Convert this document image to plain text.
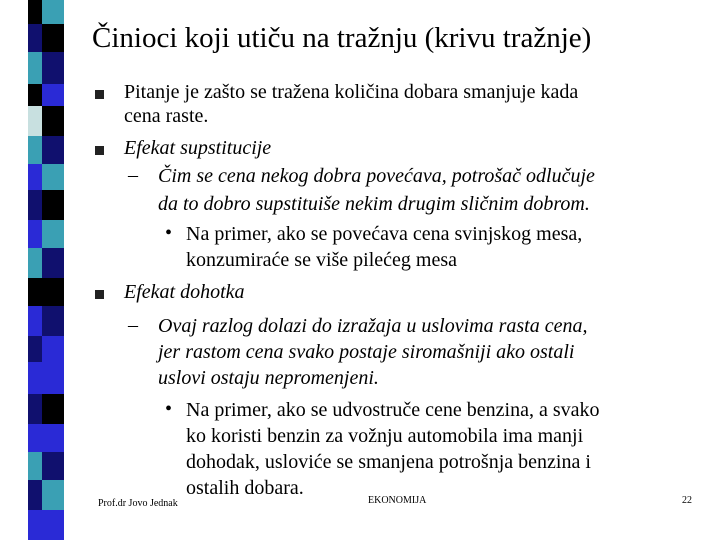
Činioci koji utiču na tražnju (krivu tražnje)
Pitanje je zašto se tražena količina dobara smanjuje kada
cena raste.
Efekat supstitucije
– Čim se cena nekog dobra povećava, potrošač odlučuje
da to dobro supstituiše nekim drugim sličnim dobrom.
• Na primer, ako se povećava cena svinjskog mesa,
konzumiraće se više pilećeg mesa
Efekat dohotka
– Ovaj razlog dolazi do izražaja u uslovima rasta cena,
jer rastom cena svako postaje siromašniji ako ostali
uslovi ostaju nepromenjeni.
• Na primer, ako se udvostruče cene benzina, a svako
ko koristi benzin za vožnju automobila ima manji
dohodak, usloviće se smanjena potrošnja benzina i
ostalih dobara.
Prof.dr Jovo Jednak	EKONOMIJA	22
